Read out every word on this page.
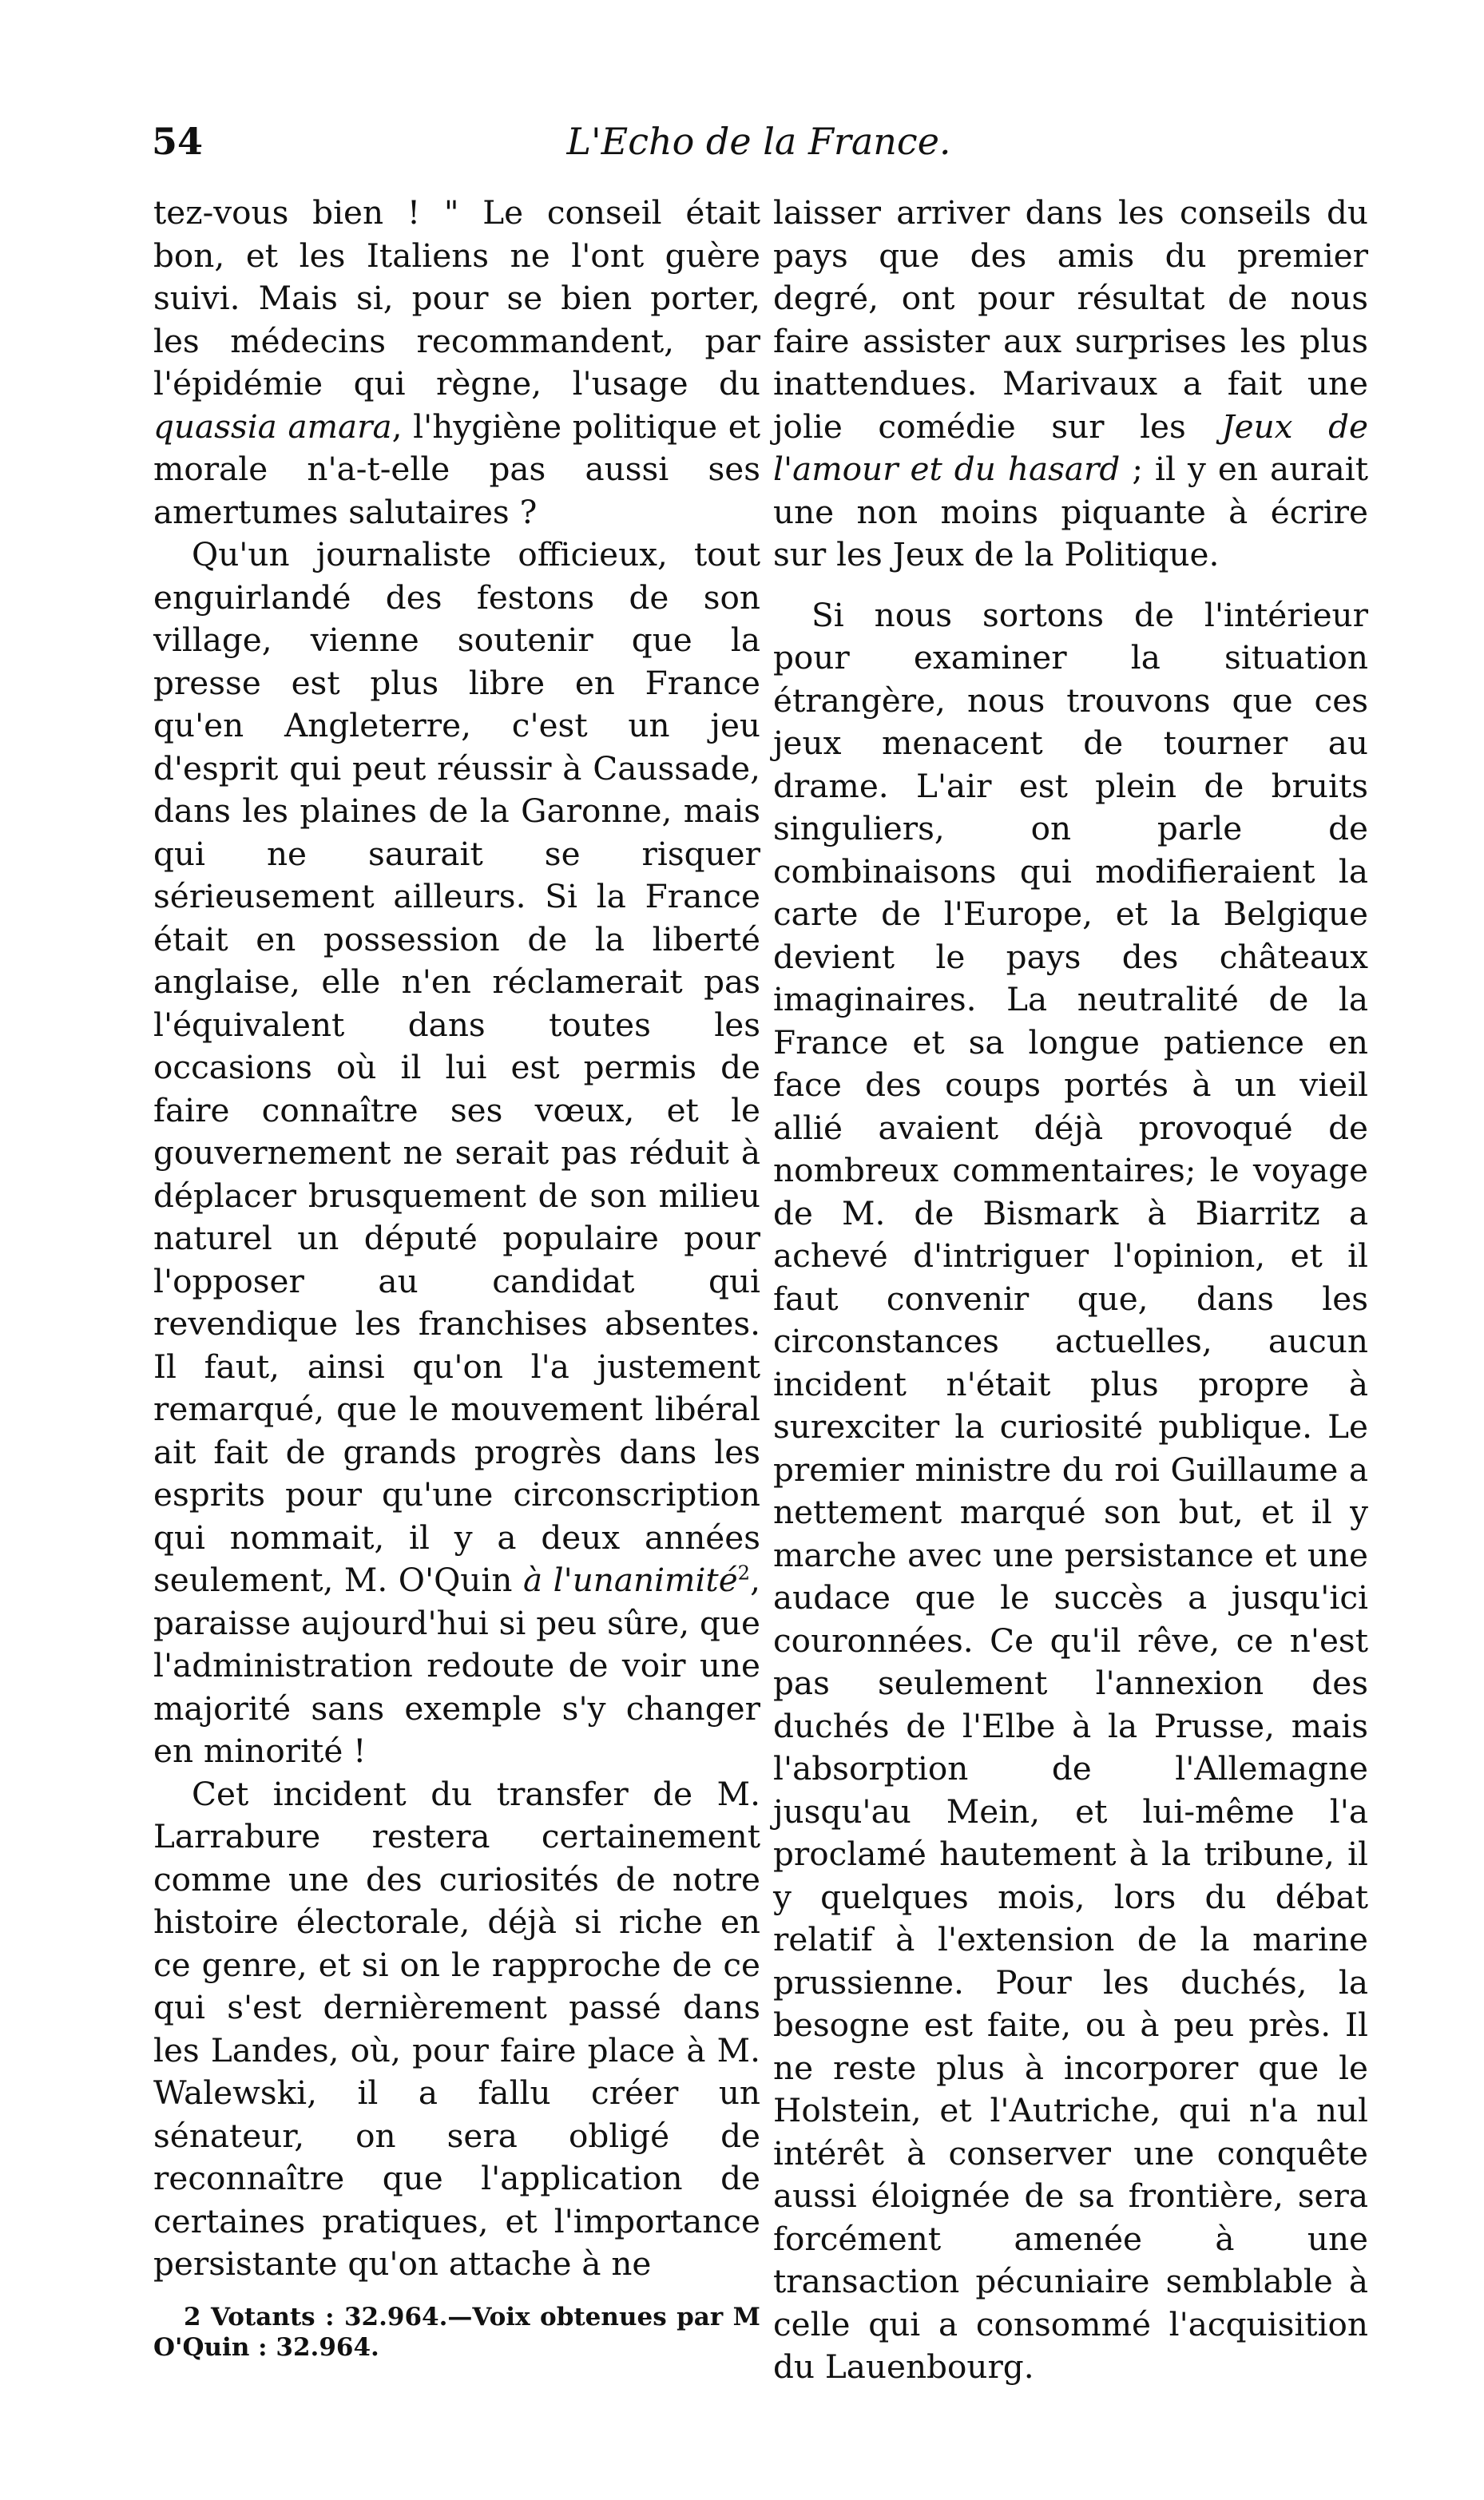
54	L'Echo de la France.

tez-vous bien ! " Le conseil était bon, et les Italiens ne l'ont guère suivi. Mais si, pour se bien porter, les médecins recommandent, par l'épidémie qui règne, l'usage du quassia amara, l'hygiène politique et morale n'a-t-elle pas aussi ses amertumes salutaires ?

Qu'un journaliste officieux, tout enguirlandé des festons de son village, vienne soutenir que la presse est plus libre en France qu'en Angleterre, c'est un jeu d'esprit qui peut réussir à Caussade, dans les plaines de la Garonne, mais qui ne saurait se risquer sérieusement ailleurs. Si la France était en possession de la liberté anglaise, elle n'en réclamerait pas l'équivalent dans toutes les occasions où il lui est permis de faire connaître ses vœux, et le gouvernement ne serait pas réduit à déplacer brusquement de son milieu naturel un député populaire pour l'opposer au candidat qui revendique les franchises absentes. Il faut, ainsi qu'on l'a justement remarqué, que le mouvement libéral ait fait de grands progrès dans les esprits pour qu'une circonscription qui nommait, il y a deux années seulement, M. O'Quin à l'unanimité$^2$, paraisse aujourd'hui si peu sûre, que l'administration redoute de voir une majorité sans exemple s'y changer en minorité !

Cet incident du transfer de M. Larrabure restera certainement comme une des curiosités de notre histoire électorale, déjà si riche en ce genre, et si on le rapproche de ce qui s'est dernièrement passé dans les Landes, où, pour faire place à M. Walewski, il a fallu créer un sénateur, on sera obligé de reconnaître que l'application de certaines pratiques, et l'importance persistante qu'on attache à ne

2 Votants : 32.964.—Voix obtenues par M O'Quin : 32.964.

laisser arriver dans les conseils du pays que des amis du premier degré, ont pour résultat de nous faire assister aux surprises les plus inattendues. Marivaux a fait une jolie comédie sur les Jeux de l'amour et du hasard ; il y en aurait une non moins piquante à écrire sur les Jeux de la Politique.

Si nous sortons de l'intérieur pour examiner la situation étrangère, nous trouvons que ces jeux menacent de tourner au drame. L'air est plein de bruits singuliers, on parle de combinaisons qui modifieraient la carte de l'Europe, et la Belgique devient le pays des châteaux imaginaires. La neutralité de la France et sa longue patience en face des coups portés à un vieil allié avaient déjà provoqué de nombreux commentaires; le voyage de M. de Bismark à Biarritz a achevé d'intriguer l'opinion, et il faut convenir que, dans les circonstances actuelles, aucun incident n'était plus propre à surexciter la curiosité publique. Le premier ministre du roi Guillaume a nettement marqué son but, et il y marche avec une persistance et une audace que le succès a jusqu'ici couronnées. Ce qu'il rêve, ce n'est pas seulement l'annexion des duchés de l'Elbe à la Prusse, mais l'absorption de l'Allemagne jusqu'au Mein, et lui-même l'a proclamé hautement à la tribune, il y quelques mois, lors du débat relatif à l'extension de la marine prussienne. Pour les duchés, la besogne est faite, ou à peu près. Il ne reste plus à incorporer que le Holstein, et l'Autriche, qui n'a nul intérêt à conserver une conquête aussi éloignée de sa frontière, sera forcément amenée à une transaction pécuniaire semblable à celle qui a consommé l'acquisition du Lauenbourg.
